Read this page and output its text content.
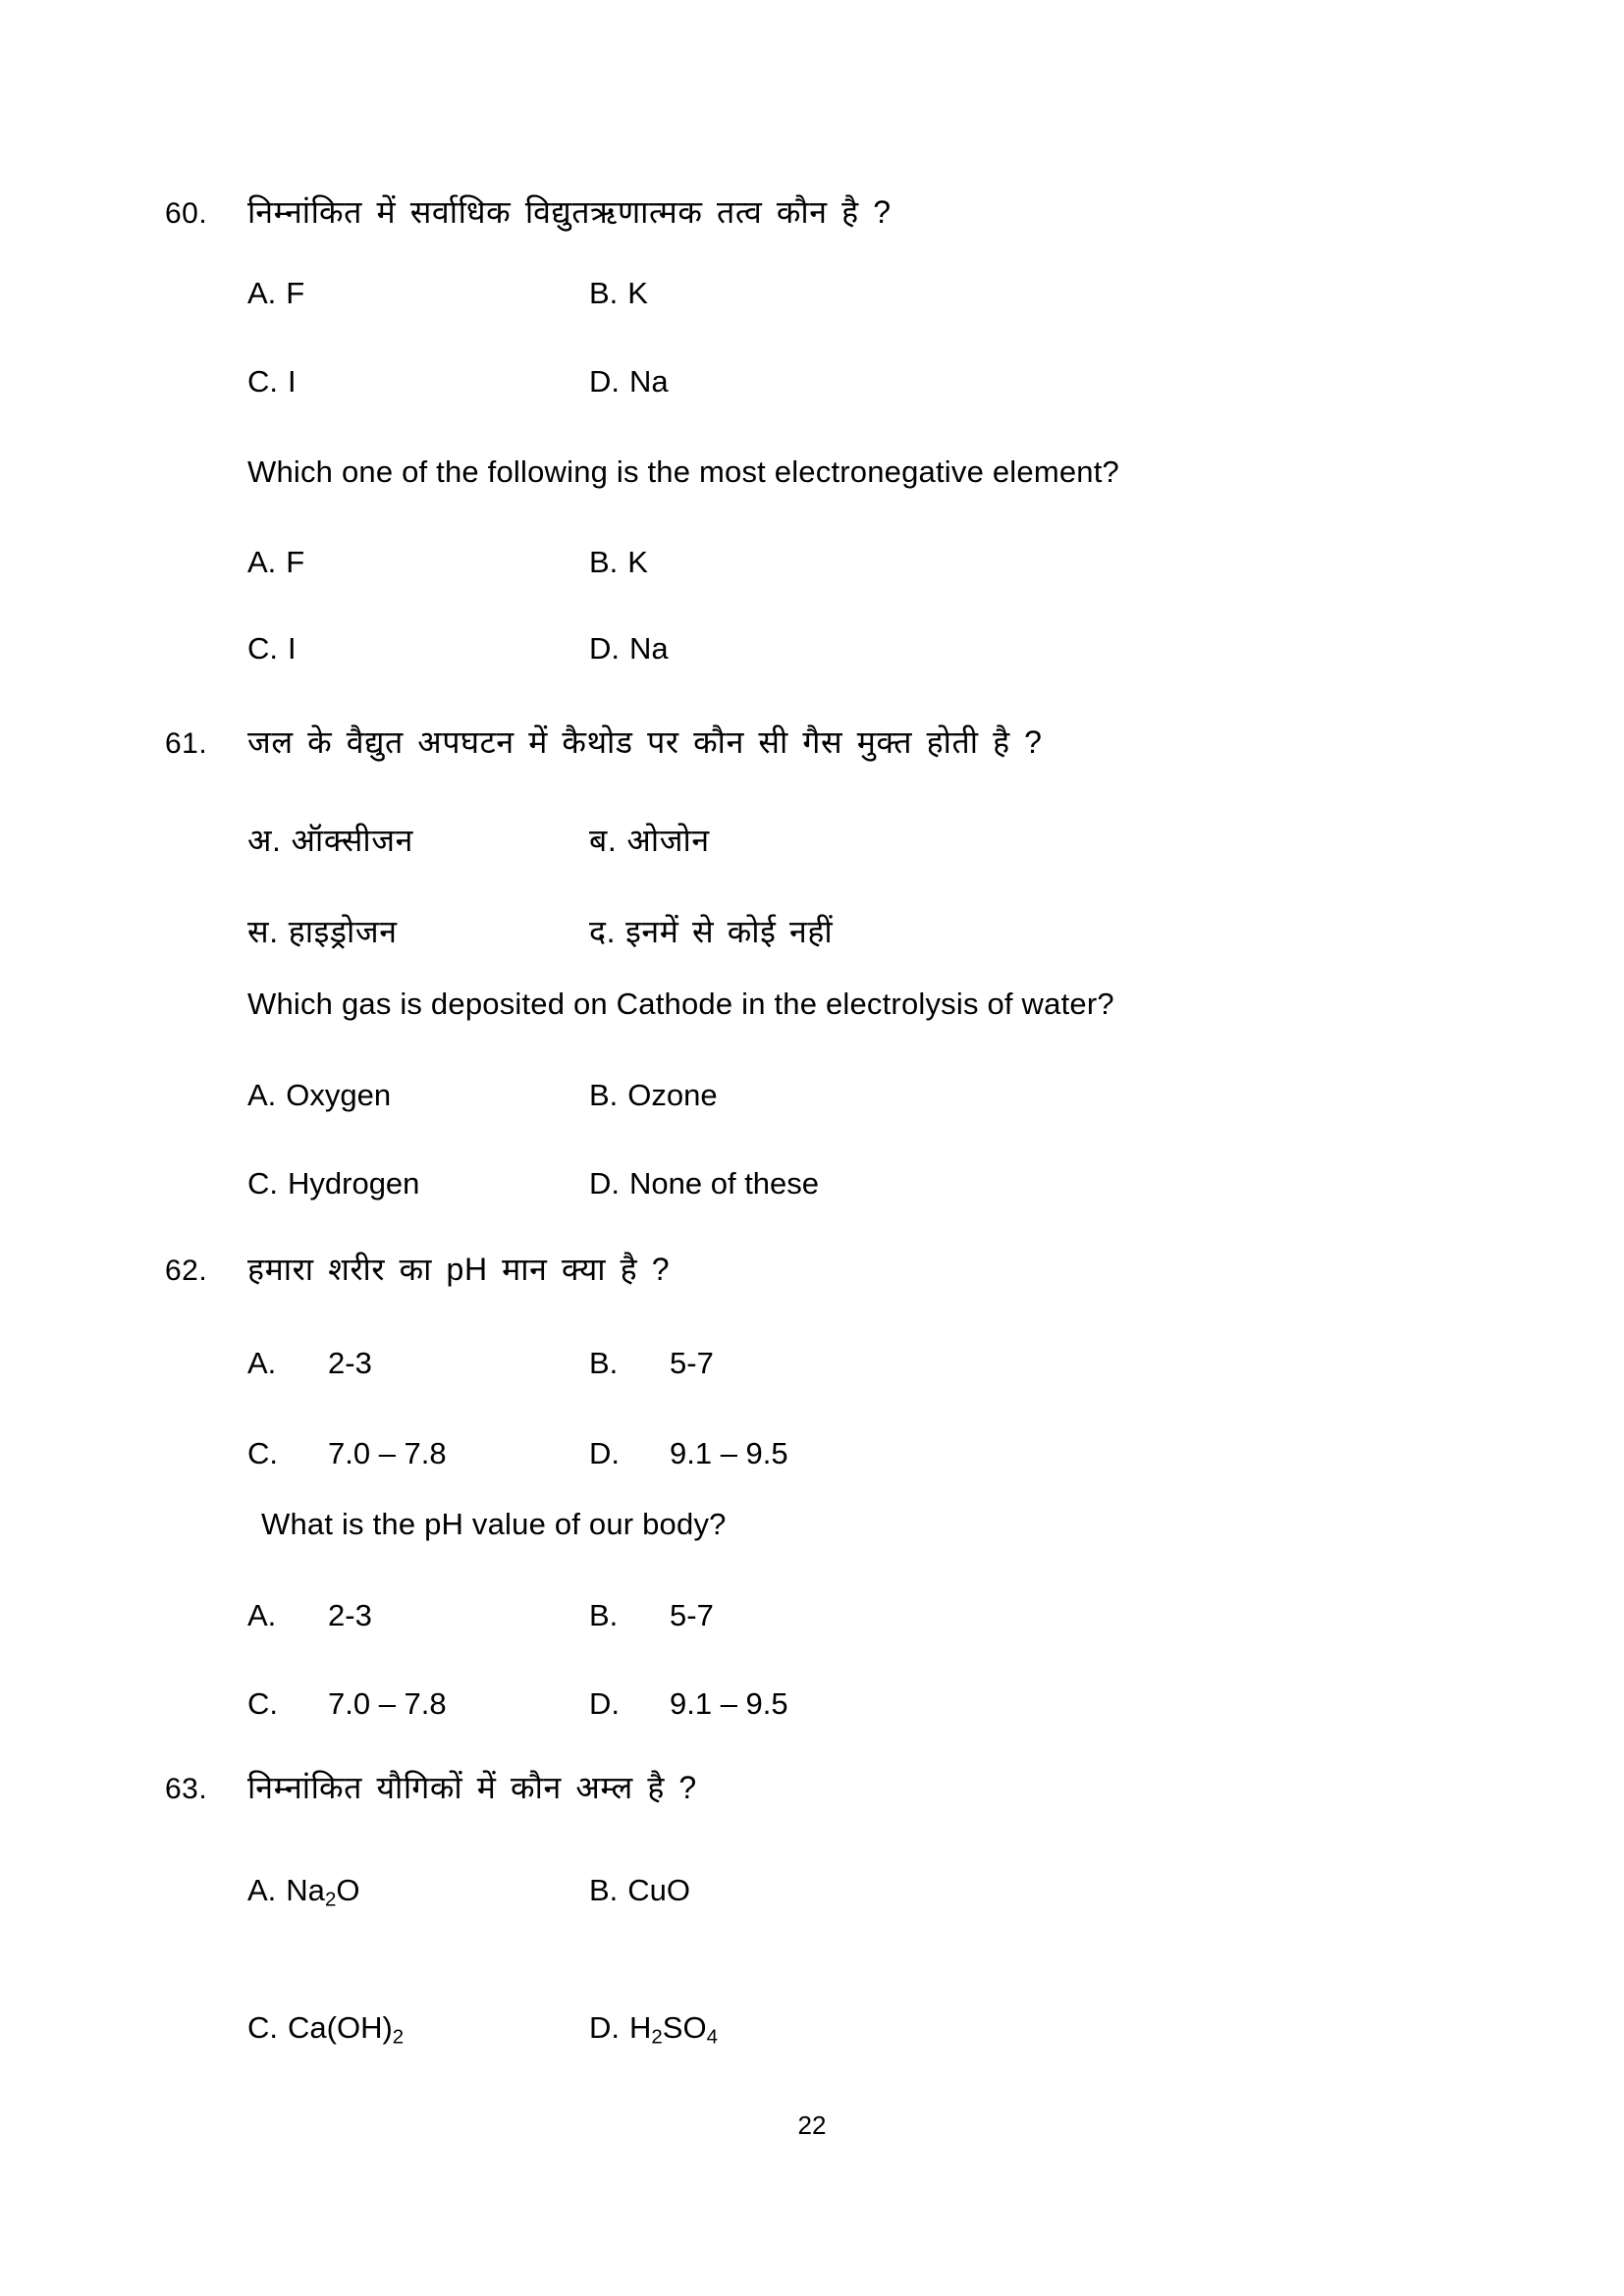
60.	निम्नांकित में सर्वाधिक विद्युतऋणात्मक तत्व कौन है ?
A. F	B. K
C. I	D. Na
Which one of the following is the most electronegative element?
A. F	B. K
C. I	D. Na
61.	जल के वैद्युत अपघटन में कैथोड पर कौन सी गैस मुक्त होती है ?
अ. ऑक्सीजन	ब. ओजोन
स. हाइड्रोजन	द. इनमें से कोई नहीं
Which gas is deposited on Cathode in the electrolysis of water?
A. Oxygen	B. Ozone
C. Hydrogen	D. None of these
62.	हमारा शरीर का pH मान क्या है ?
A.	2-3	B.	5-7
C.	7.0 – 7.8	D.	9.1 – 9.5
What is the pH value of our body?
A.	2-3	B.	5-7
C.	7.0 – 7.8	D.	9.1 – 9.5
63.	निम्नांकित यौगिकों में कौन अम्ल है ?
A. $Na_2O$	B. CuO
C. $Ca(OH)_2$	D. $H_2SO_4$
22
